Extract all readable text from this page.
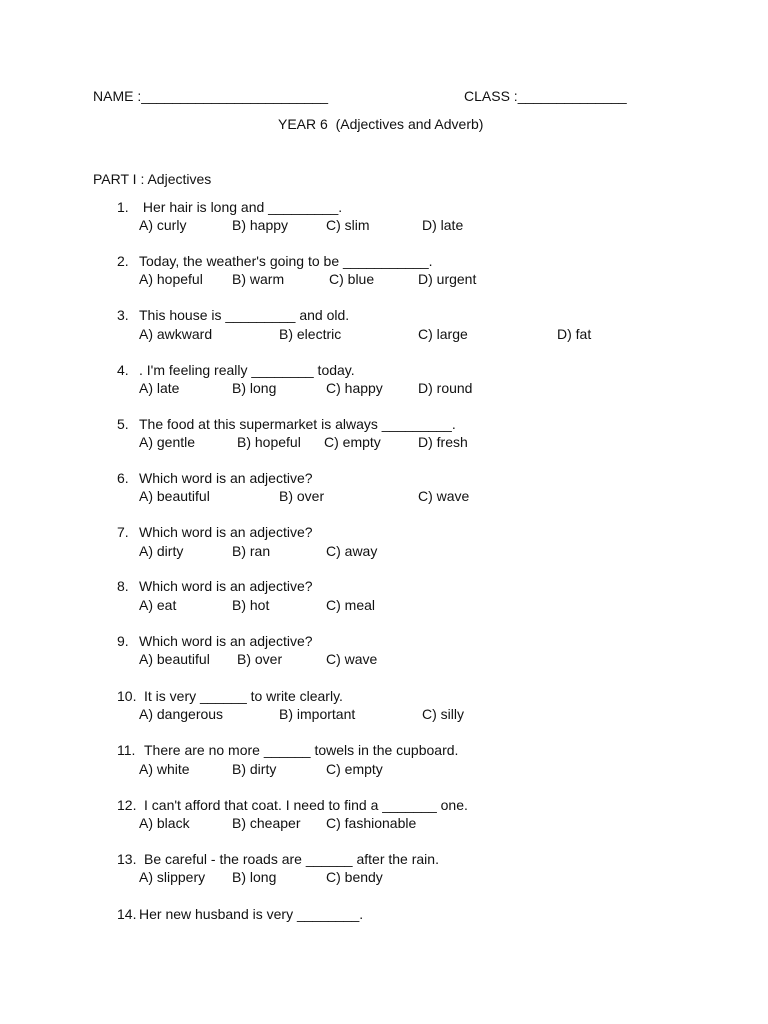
NAME :________________________	CLASS :______________
YEAR 6  (Adjectives and Adverb)
PART I : Adjectives
1. Her hair is long and _________.
A) curly	B) happy	C) slim	D) late
2. Today, the weather's going to be ___________.
A) hopeful B) warm	C) blue	D) urgent
3. This house is _________ and old.
A) awkward	B) electric	C) large	D) fat
4. . I'm feeling really ________ today.
A) late	B) long	C) happy	D) round
5. The food at this supermarket is always _________.
A) gentle	B) hopeful C) empty	D) fresh
6. Which word is an adjective?
A) beautiful	B) over	C) wave
7. Which word is an adjective?
A) dirty	B) ran	C) away
8. Which word is an adjective?
A) eat	B) hot	C) meal
9. Which word is an adjective?
A) beautiful B) over	C) wave
10. It is very ______ to write clearly.
A) dangerous	B) important	C) silly
11. There are no more ______ towels in the cupboard.
A) white	B) dirty	C) empty
12. I can't afford that coat. I need to find a _______ one.
A) black	B) cheaper C) fashionable
13. Be careful - the roads are ______ after the rain.
A) slippery B) long	C) bendy
14. Her new husband is very ________.
